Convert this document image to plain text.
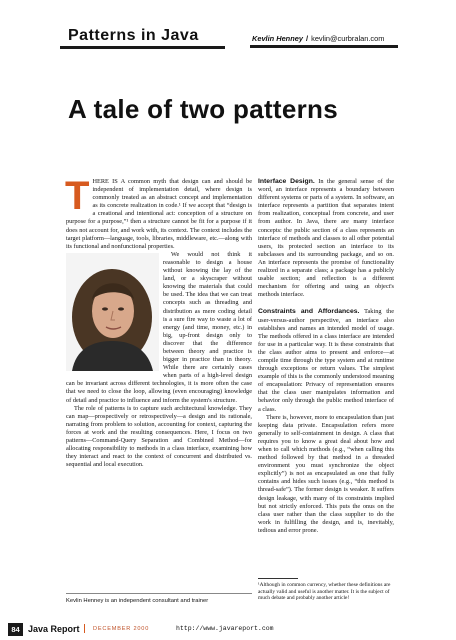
Patterns in Java	Kevlin Henney / kevlin@curbralan.com
A tale of two patterns

THERE IS A common myth that design can and should be independent of implementation detail, where design is commonly treated as an abstract concept and implementation as its concrete realization in code.¹ If we accept that “design is a creational and intentional act: conception of a structure on purpose for a purpose,”¹ then a structure cannot be fit for a purpose if it does not account for, and work with, its context. The context includes the target platform—language, tools, libraries, middleware, etc.—along with its functional and nonfunctional properties.

We would not think it reasonable to design a house without knowing the lay of the land, or a skyscraper without knowing the materials that could be used. The idea that we can treat concepts such as threading and distribution as mere coding detail is a sure fire way to waste a lot of energy (and time, money, etc.) in big, up-front design only to discover that the difference between theory and practice is bigger in practice than in theory. While there are certainly cases when parts of a high-level design can be invariant across different technologies, it is more often the case that we need to close the loop, allowing (even encouraging) knowledge of detail and practice to influence and inform the system's structure.

The role of patterns is to capture such architectural knowledge. They can map—prospectively or retrospectively—a design and its rationale, narrating from problem to solution, accounting for context, capturing the forces at work and the resulting consequences. Here, I focus on two patterns—Command-Query Separation and Combined Method—for allocating responsibility to methods in a class interface, examining how they interact and react to the context of concurrent and distributed vs. sequential and local execution.

Interface Design. In the general sense of the word, an interface represents a boundary between different systems or parts of a system. In software, an interface represents a partition that separates intent from realization, conceptual from concrete, and user from author. In Java, there are many interface concepts: the public section of a class represents an interface of methods and classes to all other potential users, its protected section an interface to its subclasses and its surrounding package, and so on. An interface represents the promise of functionality realized in a separate class; a package has a publicly usable section; and reflection is a different mechanism for offering and using an object's methods interface.

Constraints and Affordances. Taking the user-versus-author perspective, an interface also establishes and names an intended model of usage. The methods offered in a class interface are intended for use in a particular way. It is these constraints that the class author aims to present and enforce—at compile time through the type system and at runtime through exceptions or return values. The simplest example of this is the commonly understood meaning of encapsulation: Privacy of representation ensures that the class user manipulates information and behavior only through the public method interface of a class.

There is, however, more to encapsulation than just keeping data private. Encapsulation refers more generally to self-containment in design. A class that requires you to know a great deal about how and when to call which methods (e.g., “when calling this method followed by that method in a threaded environment you must synchronize the object explicitly”) is not as encapsulated as one that fully contains and hides such issues (e.g., “this method is thread-safe”). The former design is weaker. It suffers design leakage, with many of its constraints implied but not strictly enforced. This puts the onus on the class user rather than the class supplier to do the work in fulfilling the design, and is, inevitably, tedious and error prone.

¹Although in common currency, whether these definitions are actually valid and useful is another matter. It is the subject of much debate and probably another article!
Kevlin Henney is an independent consultant and trainer
84 Java Report	DECEMBER 2000	http://www.javareport.com
